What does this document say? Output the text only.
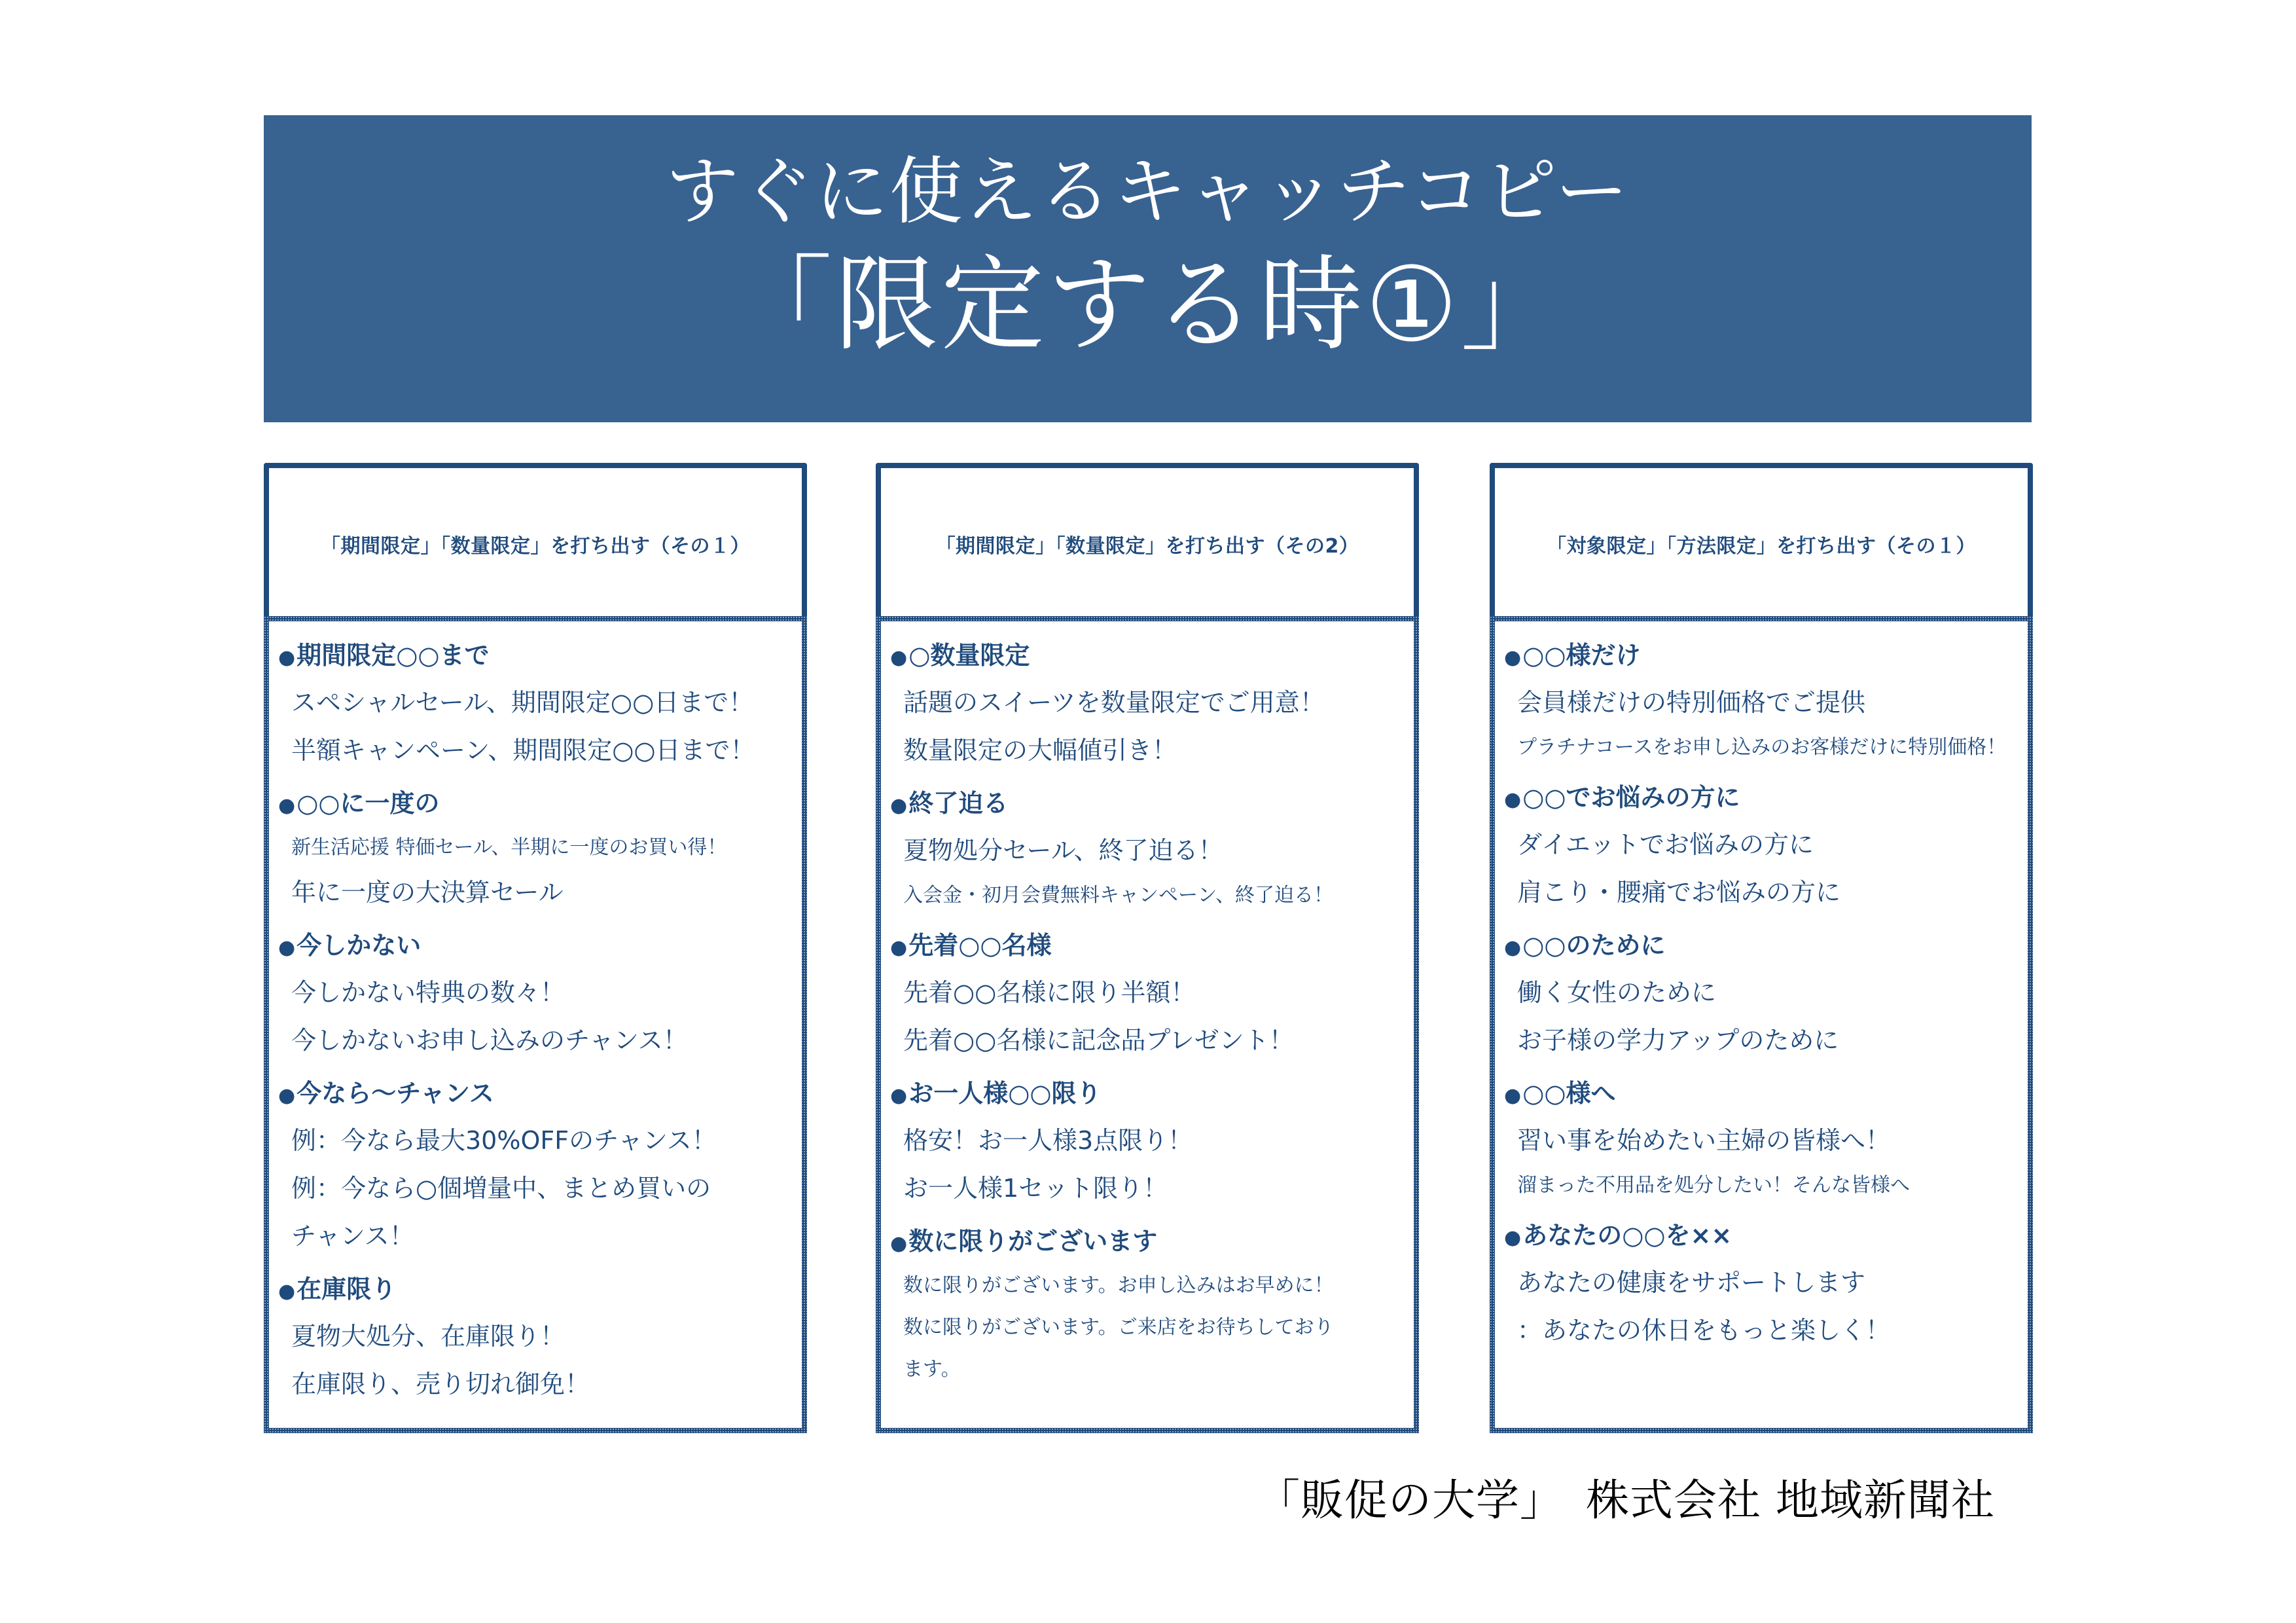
すぐに使えるキャッチコピー
「限定する時①」
「期間限定」「数量限定」を打ち出す（その１）
●期間限定○○まで
スペシャルセール、期間限定○○日まで！
半額キャンペーン、期間限定○○日まで！
●○○に一度の
新生活応援 特価セール、半期に一度のお買い得！
年に一度の大決算セール
●今しかない
今しかない特典の数々！
今しかないお申し込みのチャンス！
●今なら～チャンス
例：今なら最大30%OFFのチャンス！
例：今なら○個増量中、まとめ買いの
チャンス！
●在庫限り
夏物大処分、在庫限り！
在庫限り、売り切れ御免！
「期間限定」「数量限定」を打ち出す（その2）
●○数量限定
話題のスイーツを数量限定でご用意！
数量限定の大幅値引き！
●終了迫る
夏物処分セール、終了迫る！
入会金・初月会費無料キャンペーン、終了迫る！
●先着○○名様
先着○○名様に限り半額！
先着○○名様に記念品プレゼント！
●お一人様○○限り
格安！お一人様3点限り！
お一人様1セット限り！
●数に限りがございます
数に限りがございます。お申し込みはお早めに！
数に限りがございます。ご来店をお待ちしており
ます。
「対象限定」「方法限定」を打ち出す（その１）
●○○様だけ
会員様だけの特別価格でご提供
プラチナコースをお申し込みのお客様だけに特別価格！
●○○でお悩みの方に
ダイエットでお悩みの方に
肩こり・腰痛でお悩みの方に
●○○のために
働く女性のために
お子様の学力アップのために
●○○様へ
習い事を始めたい主婦の皆様へ！
溜まった不用品を処分したい！そんな皆様へ
●あなたの○○を××
あなたの健康をサポートします
：あなたの休日をもっと楽しく！
「販促の大学」　株式会社 地域新聞社
